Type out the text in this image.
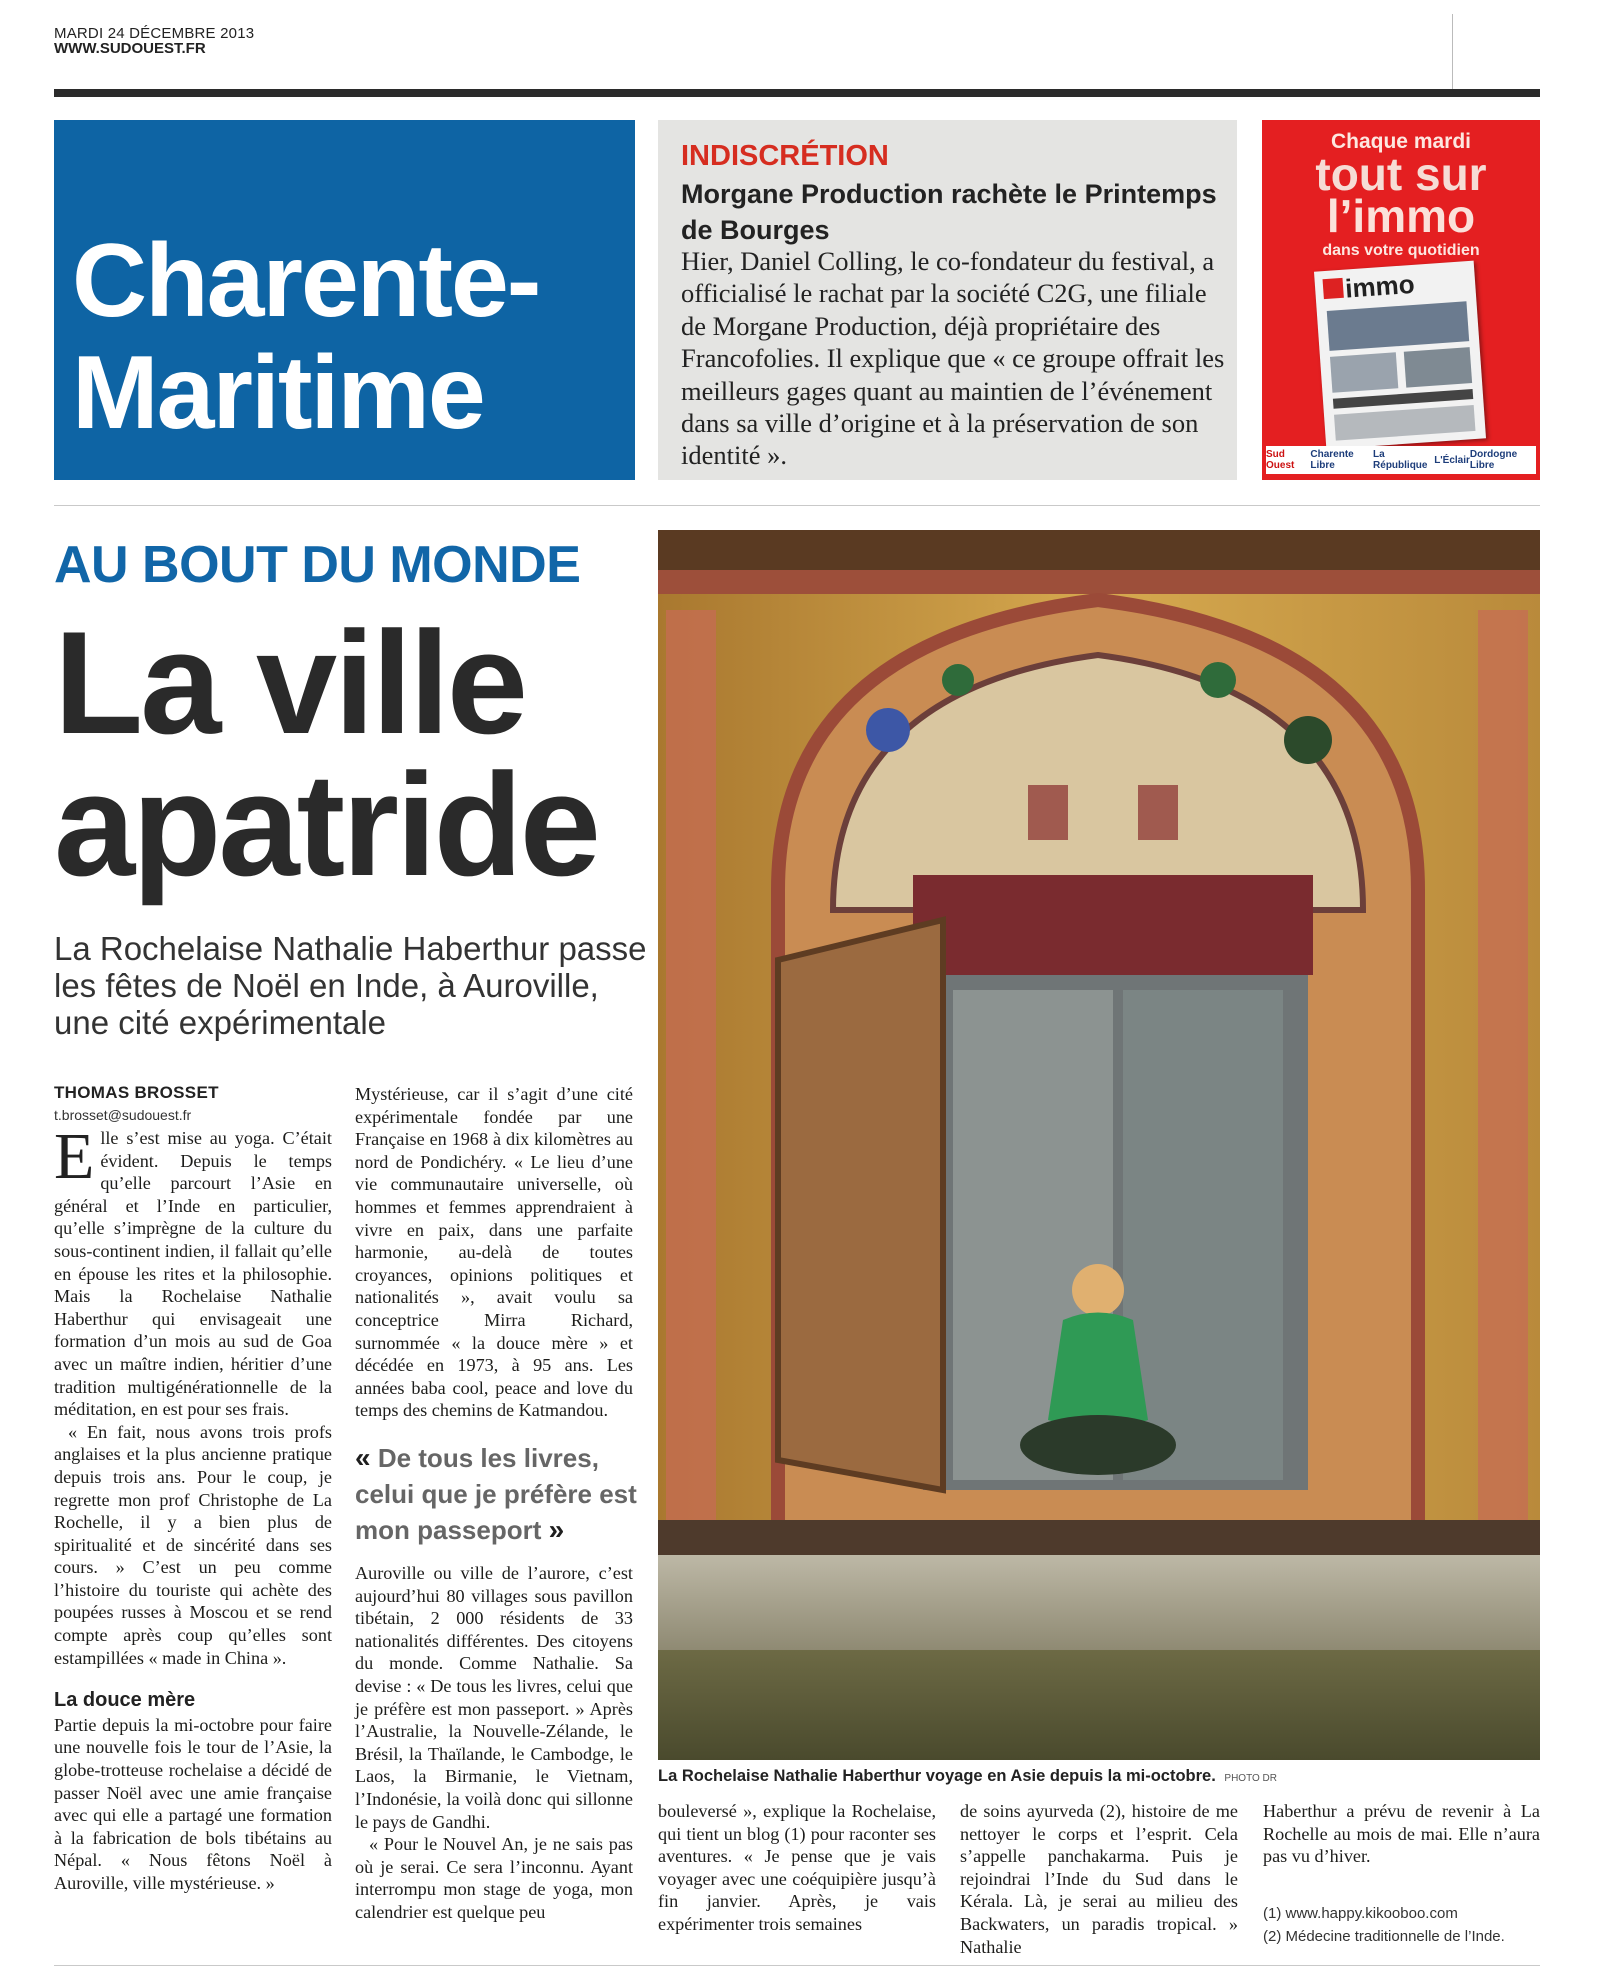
MARDI 24 DÉCEMBRE 2013
WWW.SUDOUEST.FR
Charente-
Maritime
INDISCRÉTION
Morgane Production rachète le Printemps de Bourges
Hier, Daniel Colling, le co-fondateur du festival, a officialisé le rachat par la société C2G, une filiale de Morgane Production, déjà propriétaire des Francofolies. Il explique que « ce groupe offrait les meilleurs gages quant au maintien de l’événement dans sa ville d’origine et à la préservation de son identité ».
Chaque mardi
tout sur
l’immo
dans votre quotidien
immo
Sud Ouest
Charente Libre
La République L'Éclair Dordogne Libre
AU BOUT DU MONDE
La ville
apatride
La Rochelaise Nathalie Haberthur passe les fêtes de Noël en Inde, à Auroville, une cité expérimentale
THOMAS BROSSET
t.brosset@sudouest.fr

Elle s’est mise au yoga. C’était évident. Depuis le temps qu’elle parcourt l’Asie en général et l’Inde en particulier, qu’elle s’imprègne de la culture du sous-continent indien, il fallait qu’elle en épouse les rites et la philosophie. Mais la Rochelaise Nathalie Haberthur qui envisageait une formation d’un mois au sud de Goa avec un maître indien, héritier d’une tradition multigénérationnelle de la méditation, en est pour ses frais.

« En fait, nous avons trois profs anglaises et la plus ancienne pratique depuis trois ans. Pour le coup, je regrette mon prof Christophe de La Rochelle, il y a bien plus de spiritualité et de sincérité dans ses cours. » C’est un peu comme l’histoire du touriste qui achète des poupées russes à Moscou et se rend compte après coup qu’elles sont estampillées « made in China ».

La douce mère

Partie depuis la mi-octobre pour faire une nouvelle fois le tour de l’Asie, la globe-trotteuse rochelaise a décidé de passer Noël avec une amie française avec qui elle a partagé une formation à la fabrication de bols tibétains au Népal. « Nous fêtons Noël à Auroville, ville mystérieuse. »

Mystérieuse, car il s’agit d’une cité expérimentale fondée par une Française en 1968 à dix kilomètres au nord de Pondichéry. « Le lieu d’une vie communautaire universelle, où hommes et femmes apprendraient à vivre en paix, dans une parfaite harmonie, au-delà de toutes croyances, opinions politiques et nationalités », avait voulu sa conceptrice Mirra Richard, surnommée « la douce mère » et décédée en 1973, à 95 ans. Les années baba cool, peace and love du temps des chemins de Katmandou.

« De tous les livres, celui que je préfère est mon passeport »

Auroville ou ville de l’aurore, c’est aujourd’hui 80 villages sous pavillon tibétain, 2 000 résidents de 33 nationalités différentes. Des citoyens du monde. Comme Nathalie. Sa devise : « De tous les livres, celui que je préfère est mon passeport. » Après l’Australie, la Nouvelle-Zélande, le Brésil, la Thaïlande, le Cambodge, le Laos, la Birmanie, le Vietnam, l’Indonésie, la voilà donc qui sillonne le pays de Gandhi.

« Pour le Nouvel An, je ne sais pas où je serai. Ce sera l’inconnu. Ayant interrompu mon stage de yoga, mon calendrier est quelque peu

La Rochelaise Nathalie Haberthur voyage en Asie depuis la mi-octobre. PHOTO DR

bouleversé », explique la Rochelaise, qui tient un blog (1) pour raconter ses aventures. « Je pense que je vais voyager avec une coéquipière jusqu’à fin janvier. Après, je vais expérimenter trois semaines

de soins ayurveda (2), histoire de me nettoyer le corps et l’esprit. Cela s’appelle panchakarma. Puis je rejoindrai l’Inde du Sud dans le Kérala. Là, je serai au milieu des Backwaters, un paradis tropical. » Nathalie

Haberthur a prévu de revenir à La Rochelle au mois de mai. Elle n’aura pas vu d’hiver.

(1) www.happy.kikooboo.com
(2) Médecine traditionnelle de l’Inde.
